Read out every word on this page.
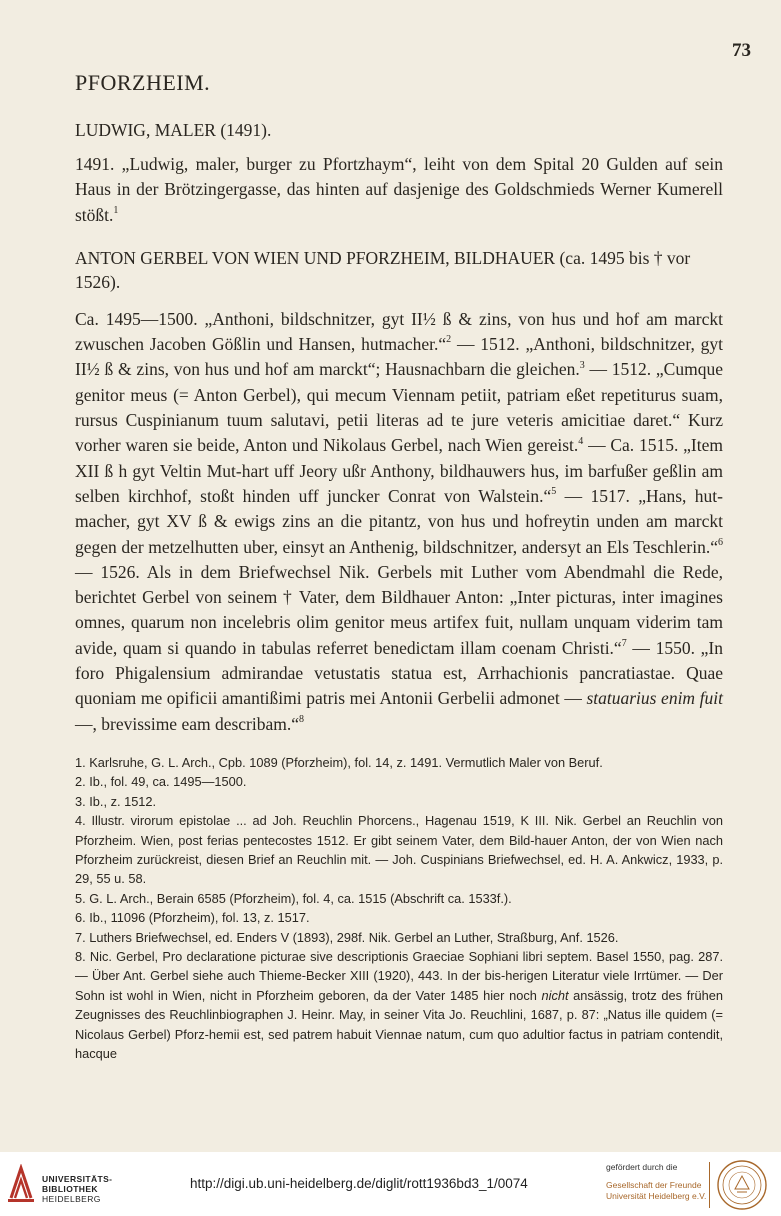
73
PFORZHEIM.
LUDWIG, MALER (1491).

1491. „Ludwig, maler, burger zu Pfortzhaym“, leiht von dem Spital 20 Gulden auf sein Haus in der Brötzingergasse, das hinten auf dasjenige des Goldschmieds Werner Kumerell stößt.$^1$

ANTON GERBEL VON WIEN UND PFORZHEIM, BILDHAUER (ca. 1495 bis † vor 1526).

Ca. 1495—1500. „Anthoni, bildschnitzer, gyt II½ ß & zins, von hus und hof am marckt zwuschen Jacoben Gößlin und Hansen, hutmacher.“$^2$ — 1512. „Anthoni, bildschnitzer, gyt II½ ß & zins, von hus und hof am marckt“; Hausnachbarn die gleichen.$^3$ — 1512. „Cumque genitor meus (= Anton Gerbel), qui mecum Viennam petiit, patriam eßet repetiturus suam, rursus Cuspinianum tuum salutavi, petii literas ad te jure veteris amicitiae daret.“ Kurz vorher waren sie beide, Anton und Nikolaus Gerbel, nach Wien gereist.$^4$ — Ca. 1515. „Item XII ß h gyt Veltin Mut-hart uff Jeory ußr Anthony, bildhauwers hus, im barfußer geßlin am selben kirchhof, stoßt hinden uff juncker Conrat von Walstein.“$^5$ — 1517. „Hans, hut-macher, gyt XV ß & ewigs zins an die pitantz, von hus und hofreytin unden am marckt gegen der metzelhutten uber, einsyt an Anthenig, bildschnitzer, andersyt an Els Teschlerin.“$^6$ — 1526. Als in dem Briefwechsel Nik. Gerbels mit Luther vom Abendmahl die Rede, berichtet Gerbel von seinem † Vater, dem Bildhauer Anton: „Inter picturas, inter imagines omnes, quarum non incelebris olim genitor meus artifex fuit, nullam unquam viderim tam avide, quam si quando in tabulas referret benedictam illam coenam Christi.“$^7$ — 1550. „In foro Phigalensium admirandae vetustatis statua est, Arrhachionis pancratiastae. Quae quoniam me opificii amantißimi patris mei Antonii Gerbelii admonet — statuarius enim fuit —, brevissime eam describam.“$^8$

1. Karlsruhe, G. L. Arch., Cpb. 1089 (Pforzheim), fol. 14, z. 1491. Vermutlich Maler von Beruf.

2. Ib., fol. 49, ca. 1495—1500.

3. Ib., z. 1512.

4. Illustr. virorum epistolae ... ad Joh. Reuchlin Phorcens., Hagenau 1519, K III. Nik. Gerbel an Reuchlin von Pforzheim. Wien, post ferias pentecostes 1512. Er gibt seinem Vater, dem Bild-hauer Anton, der von Wien nach Pforzheim zurückreist, diesen Brief an Reuchlin mit. — Joh. Cuspinians Briefwechsel, ed. H. A. Ankwicz, 1933, p. 29, 55 u. 58.

5. G. L. Arch., Berain 6585 (Pforzheim), fol. 4, ca. 1515 (Abschrift ca. 1533f.).

6. Ib., 11096 (Pforzheim), fol. 13, z. 1517.

7. Luthers Briefwechsel, ed. Enders V (1893), 298f. Nik. Gerbel an Luther, Straßburg, Anf. 1526.

8. Nic. Gerbel, Pro declaratione picturae sive descriptionis Graeciae Sophiani libri septem. Basel 1550, pag. 287. — Über Ant. Gerbel siehe auch Thieme-Becker XIII (1920), 443. In der bis-herigen Literatur viele Irrtümer. — Der Sohn ist wohl in Wien, nicht in Pforzheim geboren, da der Vater 1485 hier noch nicht ansässig, trotz des frühen Zeugnisses des Reuchlinbiographen J. Heinr. May, in seiner Vita Jo. Reuchlini, 1687, p. 87: „Natus ille quidem (= Nicolaus Gerbel) Pforz-hemii est, sed patrem habuit Viennae natum, cum quo adultior factus in patriam contendit, hacque

UNIVERSITÄTS-
BIBLIOTHEK
HEIDELBERG
http://digi.ub.uni-heidelberg.de/diglit/rott1936bd3_1/0074
gefördert durch die
Gesellschaft der Freunde
Universität Heidelberg e.V.
